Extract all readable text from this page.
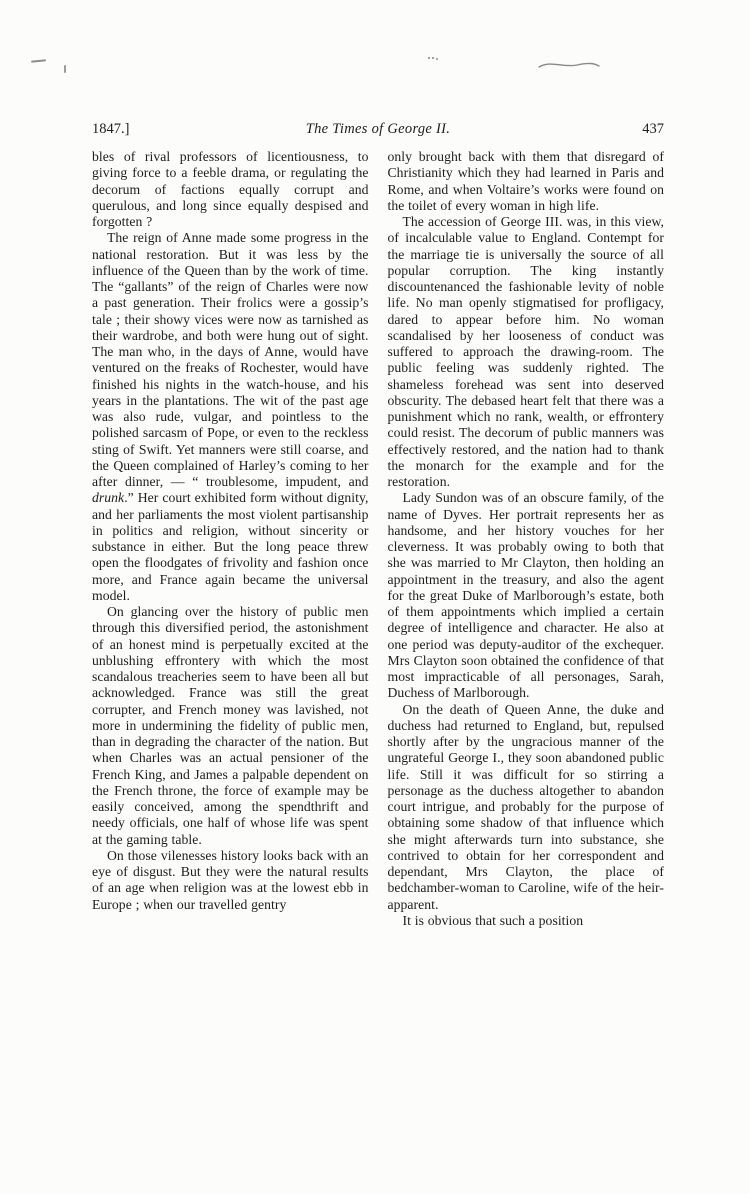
1847.]	The Times of George II.	437

bles of rival professors of licentiousness, to giving force to a feeble drama, or regulating the decorum of factions equally corrupt and querulous, and long since equally despised and forgotten ?

The reign of Anne made some progress in the national restoration. But it was less by the influence of the Queen than by the work of time. The “gallants” of the reign of Charles were now a past generation. Their frolics were a gossip’s tale ; their showy vices were now as tarnished as their wardrobe, and both were hung out of sight. The man who, in the days of Anne, would have ventured on the freaks of Rochester, would have finished his nights in the watch-house, and his years in the plantations. The wit of the past age was also rude, vulgar, and pointless to the polished sarcasm of Pope, or even to the reckless sting of Swift. Yet manners were still coarse, and the Queen complained of Harley’s coming to her after dinner, — “ troublesome, impudent, and drunk.” Her court exhibited form without dignity, and her parliaments the most violent partisanship in politics and religion, without sincerity or substance in either. But the long peace threw open the floodgates of frivolity and fashion once more, and France again became the universal model.

On glancing over the history of public men through this diversified period, the astonishment of an honest mind is perpetually excited at the unblushing effrontery with which the most scandalous treacheries seem to have been all but acknowledged. France was still the great corrupter, and French money was lavished, not more in undermining the fidelity of public men, than in degrading the character of the nation. But when Charles was an actual pensioner of the French King, and James a palpable dependent on the French throne, the force of example may be easily conceived, among the spendthrift and needy officials, one half of whose life was spent at the gaming table.

On those vilenesses history looks back with an eye of disgust. But they were the natural results of an age when religion was at the lowest ebb in Europe ; when our travelled gentry

only brought back with them that disregard of Christianity which they had learned in Paris and Rome, and when Voltaire’s works were found on the toilet of every woman in high life.

The accession of George III. was, in this view, of incalculable value to England. Contempt for the marriage tie is universally the source of all popular corruption. The king instantly discountenanced the fashionable levity of noble life. No man openly stigmatised for profligacy, dared to appear before him. No woman scandalised by her looseness of conduct was suffered to approach the drawing-room. The public feeling was suddenly righted. The shameless forehead was sent into deserved obscurity. The debased heart felt that there was a punishment which no rank, wealth, or effrontery could resist. The decorum of public manners was effectively restored, and the nation had to thank the monarch for the example and for the restoration.

Lady Sundon was of an obscure family, of the name of Dyves. Her portrait represents her as handsome, and her history vouches for her cleverness. It was probably owing to both that she was married to Mr Clayton, then holding an appointment in the treasury, and also the agent for the great Duke of Marlborough’s estate, both of them appointments which implied a certain degree of intelligence and character. He also at one period was deputy-auditor of the exchequer. Mrs Clayton soon obtained the confidence of that most impracticable of all personages, Sarah, Duchess of Marlborough.

On the death of Queen Anne, the duke and duchess had returned to England, but, repulsed shortly after by the ungracious manner of the ungrateful George I., they soon abandoned public life. Still it was difficult for so stirring a personage as the duchess altogether to abandon court intrigue, and probably for the purpose of obtaining some shadow of that influence which she might afterwards turn into substance, she contrived to obtain for her correspondent and dependant, Mrs Clayton, the place of bedchamber-woman to Caroline, wife of the heir-apparent.

It is obvious that such a position
